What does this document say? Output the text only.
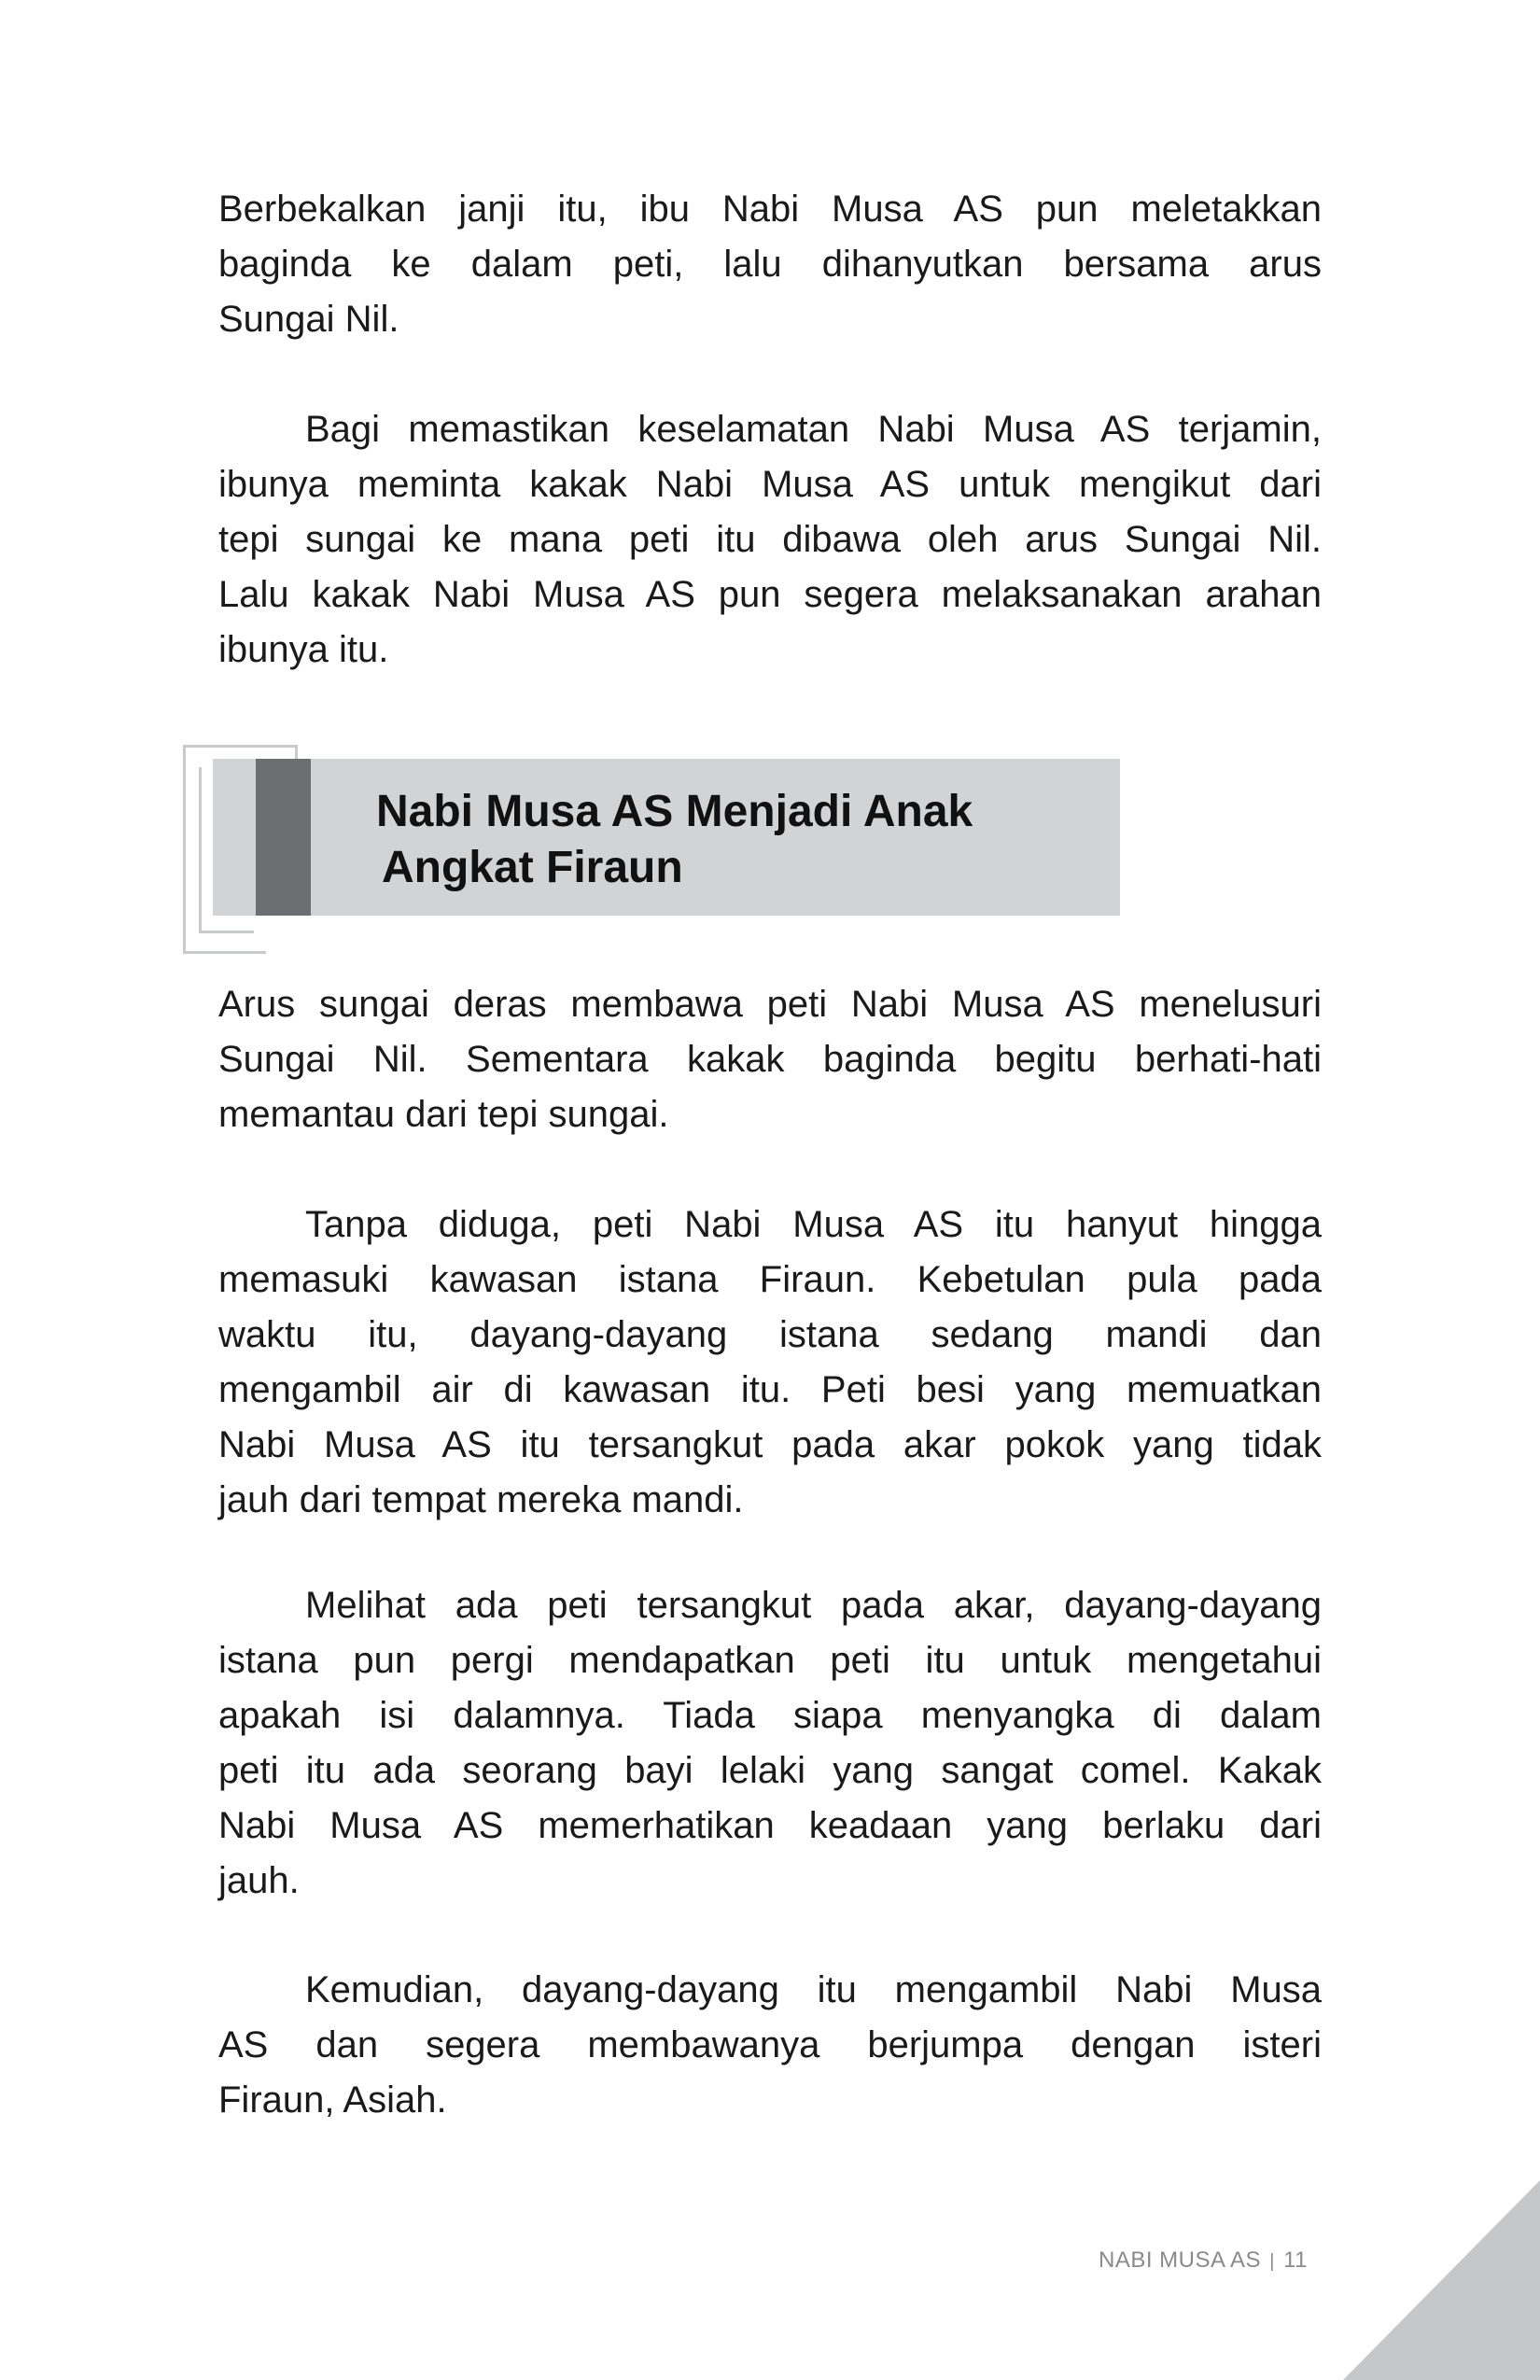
Berbekalkan janji itu, ibu Nabi Musa AS pun meletakkan
baginda ke dalam peti, lalu dihanyutkan bersama arus
Sungai Nil.
Bagi memastikan keselamatan Nabi Musa AS terjamin,
ibunya meminta kakak Nabi Musa AS untuk mengikut dari
tepi sungai ke mana peti itu dibawa oleh arus Sungai Nil.
Lalu kakak Nabi Musa AS pun segera melaksanakan arahan
ibunya itu.
Nabi Musa AS Menjadi Anak
Angkat Firaun
Arus sungai deras membawa peti Nabi Musa AS menelusuri
Sungai Nil. Sementara kakak baginda begitu berhati-hati
memantau dari tepi sungai.
Tanpa diduga, peti Nabi Musa AS itu hanyut hingga
memasuki kawasan istana Firaun. Kebetulan pula pada
waktu itu, dayang-dayang istana sedang mandi dan
mengambil air di kawasan itu. Peti besi yang memuatkan
Nabi Musa AS itu tersangkut pada akar pokok yang tidak
jauh dari tempat mereka mandi.
Melihat ada peti tersangkut pada akar, dayang-dayang
istana pun pergi mendapatkan peti itu untuk mengetahui
apakah isi dalamnya. Tiada siapa menyangka di dalam
peti itu ada seorang bayi lelaki yang sangat comel. Kakak
Nabi Musa AS memerhatikan keadaan yang berlaku dari
jauh.
Kemudian, dayang-dayang itu mengambil Nabi Musa
AS dan segera membawanya berjumpa dengan isteri
Firaun, Asiah.
NABI MUSA AS | 11
